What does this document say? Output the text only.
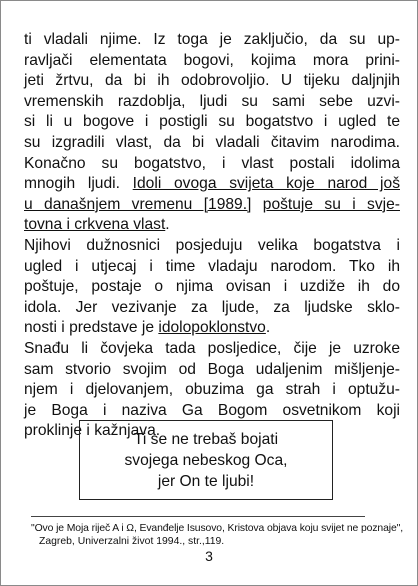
ti vladali njime. Iz toga je zaključio, da su up-
ravljači elementata bogovi, kojima mora prini-
jeti žrtvu, da bi ih odobrovoljio. U tijeku daljnjih
vremenskih razdoblja, ljudi su sami sebe uzvi-
si li u bogove i postigli su bogatstvo i ugled te
su izgradili vlast, da bi vladali čitavim narodima.
Konačno su bogatstvo, i vlast postali idolima
mnogih ljudi. Idoli ovoga svijeta koje narod još
u današnjem vremenu [1989.] poštuje su i svje-
tovna i crkvena vlast.
Njihovi dužnosnici posjeduju velika bogatstva i
ugled i utjecaj i time vladaju narodom. Tko ih
poštuje, postaje o njima ovisan i uzdiže ih do
idola. Jer vezivanje za ljude, za ljudske sklo-
nosti i predstave je idolopoklonstvo.
Snađu li čovjeka tada posljedice, čije je uzroke
sam stvorio svojim od Boga udaljenim mišljenje-
njem i djelovanjem, obuzima ga strah i optužu-
je Boga i naziva Ga Bogom osvetnikom koji
proklinje i kažnjava.
Ti se ne trebaš bojati
svojega nebeskog Oca,
jer On te ljubi!
"Ovo je Moja riječ A i Ω, Evanđelje Isusovo, Kristova objava koju svijet ne poznaje",
Zagreb, Univerzalni život 1994., str.,119.
3
